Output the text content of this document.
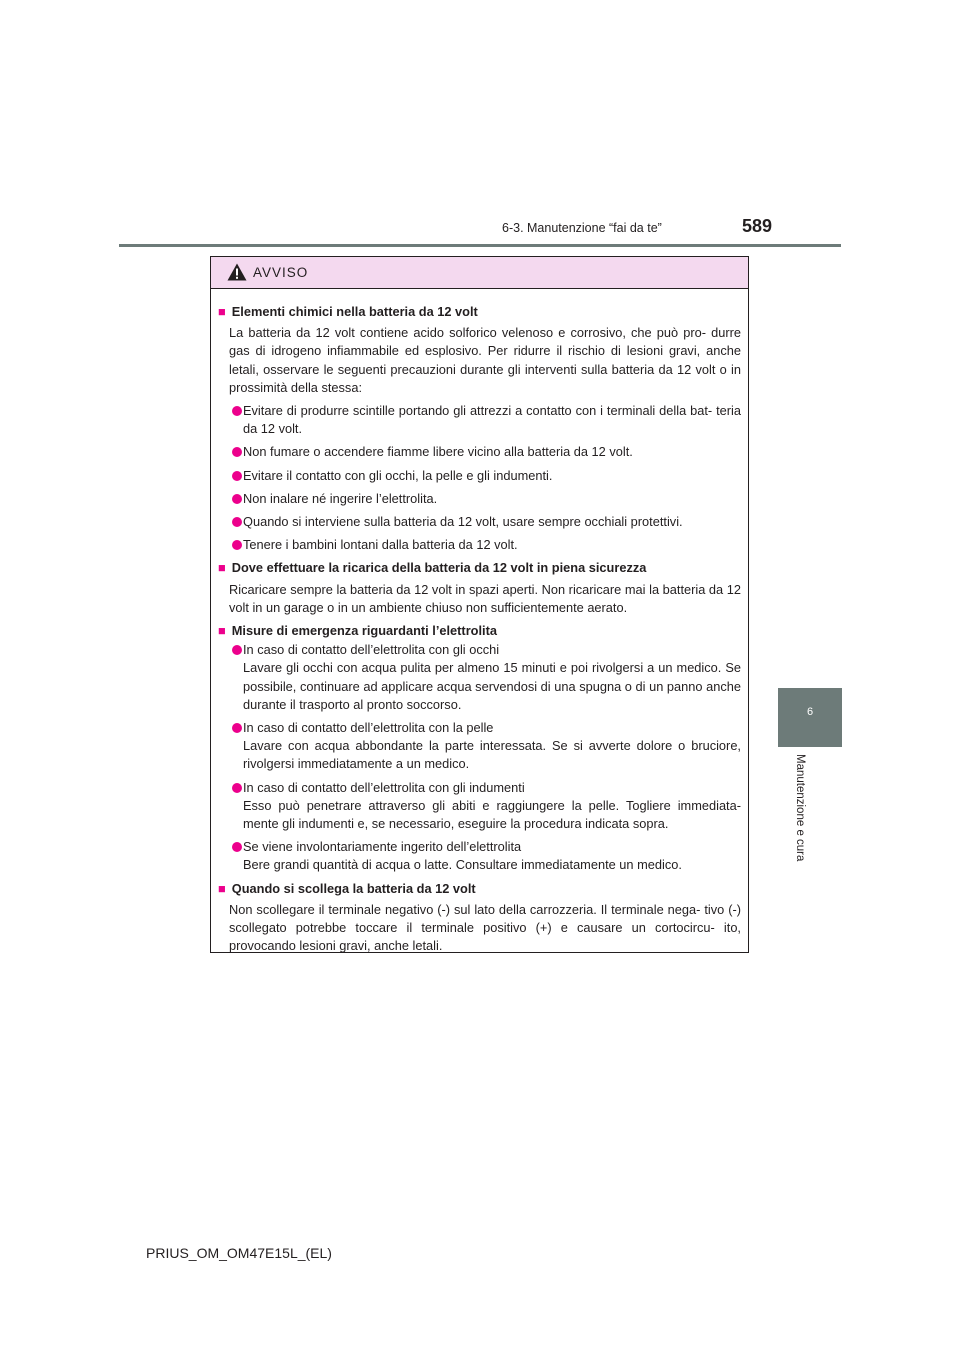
6-3. Manutenzione “fai da te”	589
6
Manutenzione e cura
AVVISO
■ Elementi chimici nella batteria da 12 volt
La batteria da 12 volt contiene acido solforico velenoso e corrosivo, che può pro- durre gas di idrogeno infiammabile ed esplosivo. Per ridurre il rischio di lesioni gravi, anche letali, osservare le seguenti precauzioni durante gli interventi sulla batteria da 12 volt o in prossimità della stessa:
Evitare di produrre scintille portando gli attrezzi a contatto con i terminali della bat- teria da 12 volt.
Non fumare o accendere fiamme libere vicino alla batteria da 12 volt.
Evitare il contatto con gli occhi, la pelle e gli indumenti.
Non inalare né ingerire l’elettrolita.
Quando si interviene sulla batteria da 12 volt, usare sempre occhiali protettivi.
Tenere i bambini lontani dalla batteria da 12 volt.
■ Dove effettuare la ricarica della batteria da 12 volt in piena sicurezza
Ricaricare sempre la batteria da 12 volt in spazi aperti. Non ricaricare mai la batteria da 12 volt in un garage o in un ambiente chiuso non sufficientemente aerato.
■ Misure di emergenza riguardanti l’elettrolita
In caso di contatto dell’elettrolita con gli occhi
Lavare gli occhi con acqua pulita per almeno 15 minuti e poi rivolgersi a un medico. Se possibile, continuare ad applicare acqua servendosi di una spugna o di un panno anche durante il trasporto al pronto soccorso.
In caso di contatto dell’elettrolita con la pelle
Lavare con acqua abbondante la parte interessata. Se si avverte dolore o bruciore, rivolgersi immediatamente a un medico.
In caso di contatto dell’elettrolita con gli indumenti
Esso può penetrare attraverso gli abiti e raggiungere la pelle. Togliere immediata- mente gli indumenti e, se necessario, eseguire la procedura indicata sopra.
Se viene involontariamente ingerito dell’elettrolita
Bere grandi quantità di acqua o latte. Consultare immediatamente un medico.
■ Quando si scollega la batteria da 12 volt
Non scollegare il terminale negativo (-) sul lato della carrozzeria. Il terminale nega- tivo (-) scollegato potrebbe toccare il terminale positivo (+) e causare un cortocircu- ito, provocando lesioni gravi, anche letali.
PRIUS_OM_OM47E15L_(EL)
